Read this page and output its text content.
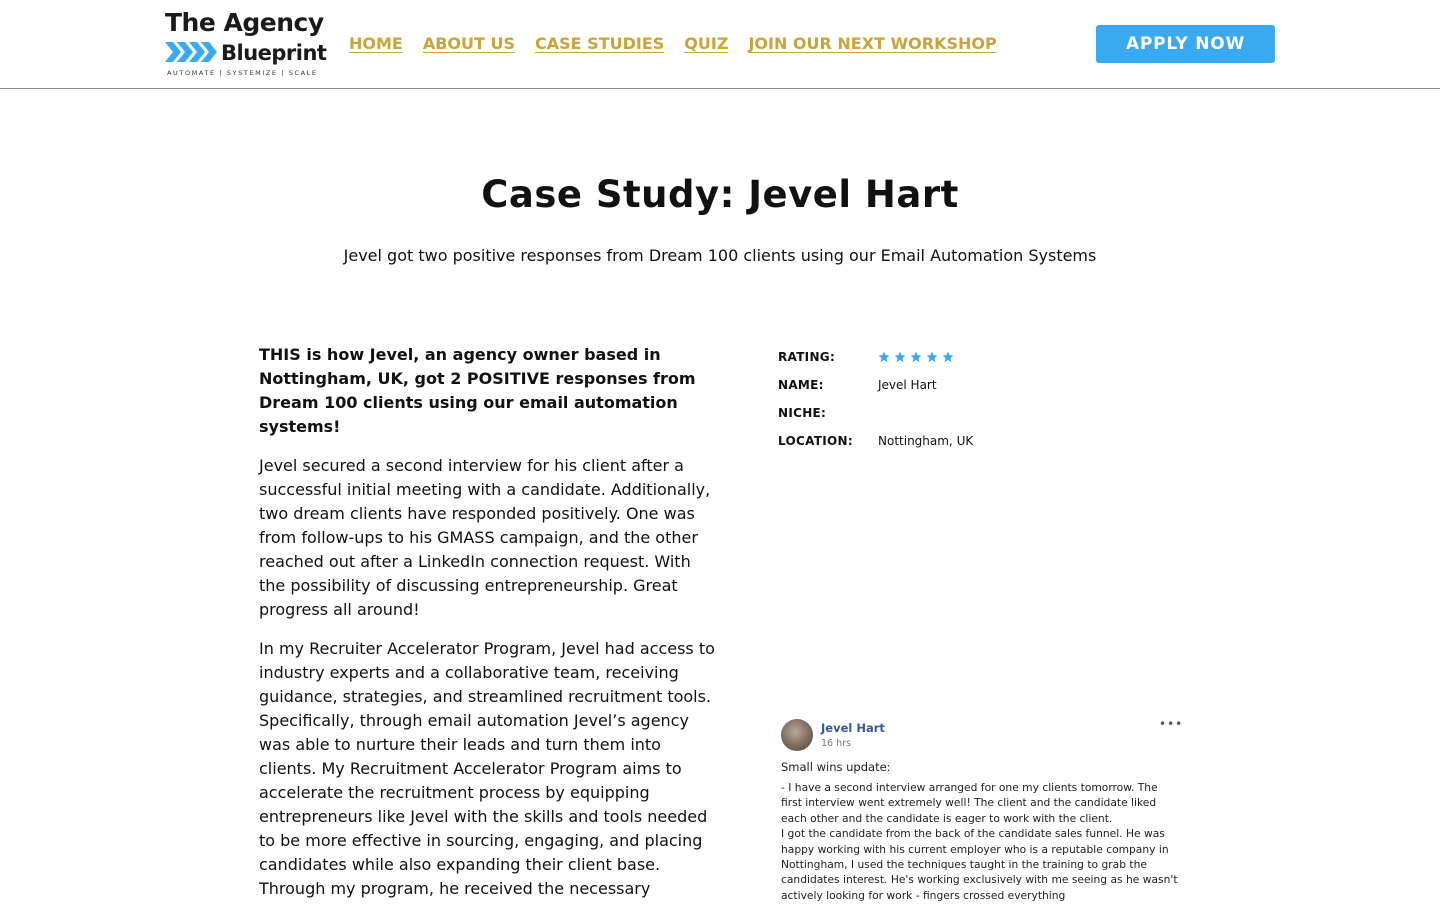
The Agency
Blueprint
AUTOMATE | SYSTEMIZE | SCALE
HOME ABOUT US CASE STUDIES QUIZ JOIN OUR NEXT WORKSHOP	APPLY NOW
Case Study: Jevel Hart

Jevel got two positive responses from Dream 100 clients using our Email Automation Systems

THIS is how Jevel, an agency owner based in Nottingham, UK, got 2 POSITIVE responses from Dream 100 clients using our email automation systems!

Jevel secured a second interview for his client after a successful initial meeting with a candidate. Additionally, two dream clients have responded positively. One was from follow-ups to his GMASS campaign, and the other reached out after a LinkedIn connection request. With the possibility of discussing entrepreneurship. Great progress all around!

In my Recruiter Accelerator Program, Jevel had access to industry experts and a collaborative team, receiving guidance, strategies, and streamlined recruitment tools. Specifically, through email automation Jevel’s agency was able to nurture their leads and turn them into clients. My Recruitment Accelerator Program aims to accelerate the recruitment process by equipping entrepreneurs like Jevel with the skills and tools needed to be more effective in sourcing, engaging, and placing candidates while also expanding their client base. Through my program, he received the necessary

RATING:
NAME:	Jevel Hart
NICHE:
LOCATION:	Nottingham, UK
Jevel Hart
16 hrs
•••
Small wins update:
- I have a second interview arranged for one my clients tomorrow. The first interview went extremely well! The client and the candidate liked each other and the candidate is eager to work with the client.
I got the candidate from the back of the candidate sales funnel. He was happy working with his current employer who is a reputable company in Nottingham, I used the techniques taught in the training to grab the candidates interest. He's working exclusively with me seeing as he wasn't actively looking for work - fingers crossed everything
